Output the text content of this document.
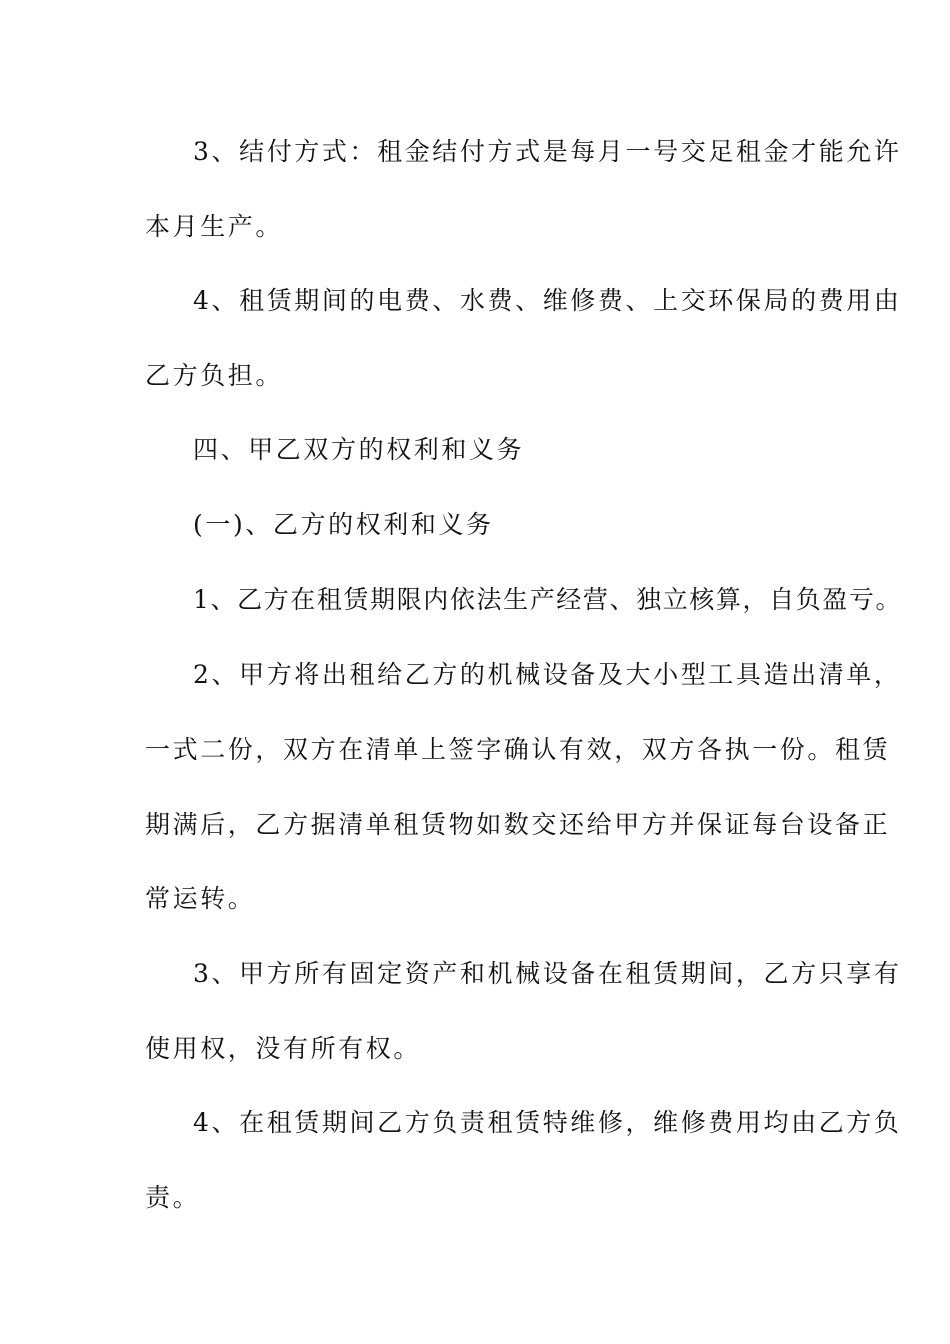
3、结付方式：租金结付方式是每月一号交足租金才能允许
本月生产。
4、租赁期间的电费、水费、维修费、上交环保局的费用由
乙方负担。
四、甲乙双方的权利和义务
(一)、乙方的权利和义务
1、乙方在租赁期限内依法生产经营、独立核算，自负盈亏。
2、甲方将出租给乙方的机械设备及大小型工具造出清单，
一式二份，双方在清单上签字确认有效，双方各执一份。租赁
期满后，乙方据清单租赁物如数交还给甲方并保证每台设备正
常运转。
3、甲方所有固定资产和机械设备在租赁期间，乙方只享有
使用权，没有所有权。
4、在租赁期间乙方负责租赁特维修，维修费用均由乙方负
责。
